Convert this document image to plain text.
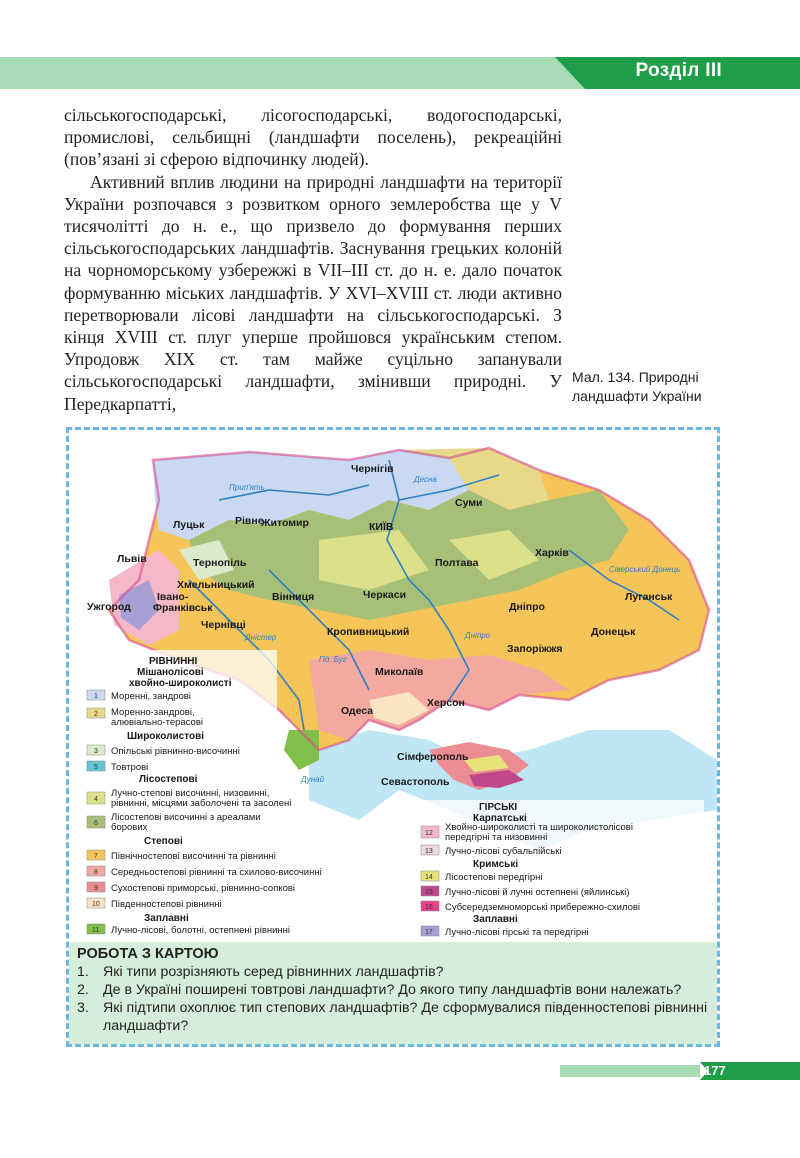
Розділ III

сільськогосподарські, лісогосподарські, водогосподарські, промислові, сельбищні (ландшафти поселень), рекреаційні (пов’язані зі сферою відпочинку людей).

Активний вплив людини на природні ландшафти на території України розпочався з розвитком орного землеробства ще у V тисячолітті до н. е., що призвело до формування перших сільськогосподарських ландшафтів. Заснування грецьких колоній на чорноморському узбережжі в VII–III ст. до н. е. дало початок формуванню міських ландшафтів. У XVI–XVIII ст. люди активно перетворювали лісові ландшафти на сільськогосподарські. З кінця XVIII ст. плуг уперше пройшовся українським степом. Упродовж XIX ст. там майже суцільно запанували сільськогосподарські ландшафти, змінивши природні. У Передкарпатті,

Мал. 134. Природні ландшафти України
РІВНИННІ
Мішанолісові
хвойно-широколисті
Моренні, зандрові
Моренно-зандрові,
алювіально-терасові
Широколистові
Опільські рівнинно-височинні
Товтрові
Лісостепові
Лучно-степові височинні, низовинні,
рівнинні, місцями заболочені та засолені
Лісостепові височинні з ареалами
борових
Степові
Північностепові височинні та рівнинні
Середньостепові рівнинні та схилово-височинні
Сухостепові приморські, рівнинно-сопкові
Південностепові рівнинні
Заплавні
Лучно-лісові, болотні, остепнені рівнинні
ГІРСЬКІ
Карпатські
Хвойно-широколисті та широколистолісові
передгірні та низовинні
Лучно-лісові субальпійські
Кримські
Лісостепові передгірні
Лучно-лісові й лучні остепнені (яйлинські)
Субсередземноморські прибережно-схилові
Заплавні
Лучно-лісові гірські та передгірні
1
2
3
5
4
6
7
8
9
10
11
12
13
14
15
16
17
Чернігів
Луцьк	Рівне
Житомир	КИЇВ
Суми
Львів	Тернопіль	Полтава
Харків
Хмельницький
Вінниця	Черкаси	Луганськ
Ужгород
Івано-
Франківськ	Дніпро
Чернівці
Кропивницький	Донецьк
Запоріжжя
Миколаїв
Херсон
Одеса
Сімферополь
Севастополь
Десна
Дніпро
Дністер
Дунай
Прип'ять
Сіверський Донець
Пд. Буг
РОБОТА З КАРТОЮ
1. Які типи розрізняють серед рівнинних ландшафтів?
2. Де в Україні поширені товтрові ландшафти? До якого типу ландшафтів вони належать?
3. Які підтипи охоплює тип степових ландшафтів? Де сформувалися південностепові рівнинні ландшафти?
177
